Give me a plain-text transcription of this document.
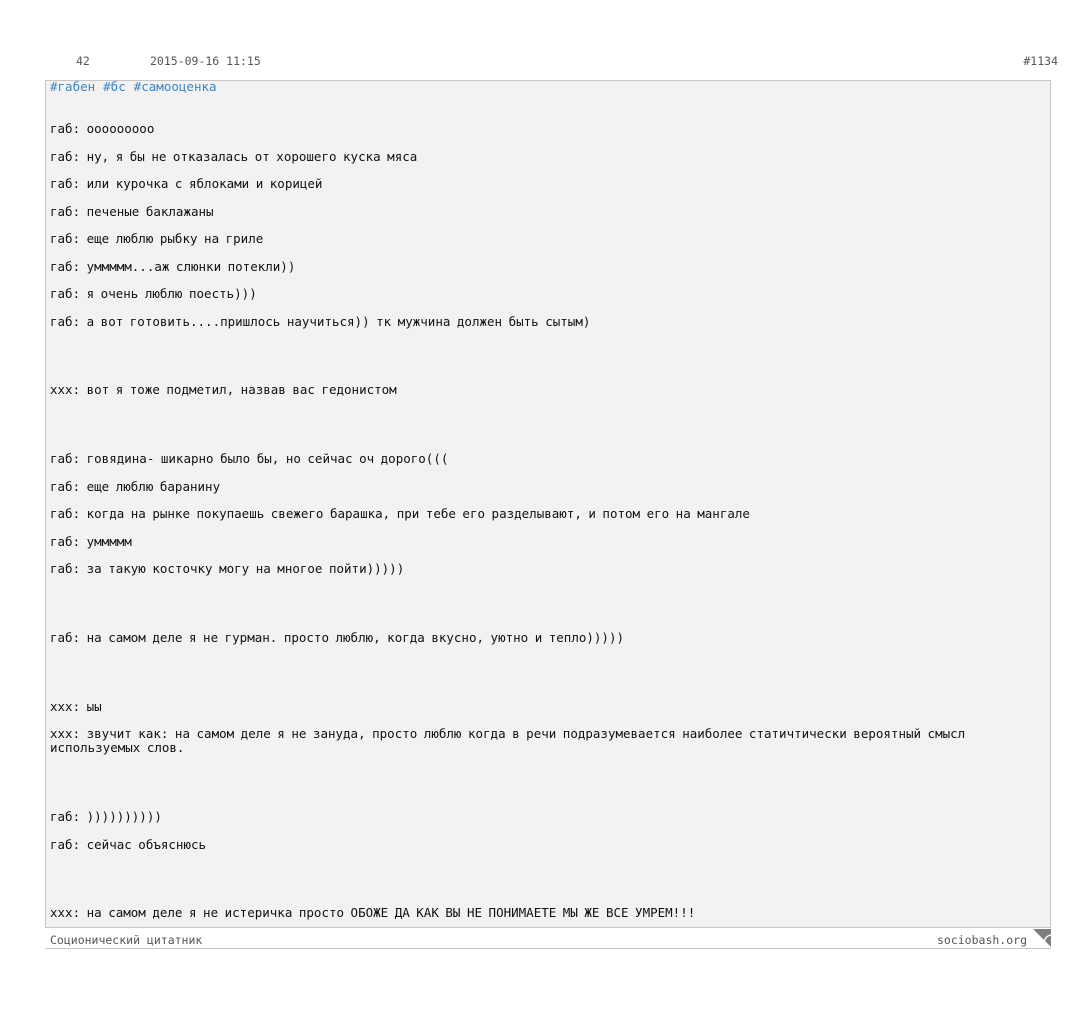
42	2015-09-16 11:15	#1134
#габен #бс #самооценка
габ: ооооооооо
габ: ну, я бы не отказалась от хорошего куска мяса
габ: или курочка с яблоками и корицей
габ: печеные баклажаны
габ: еще люблю рыбку на гриле
габ: уммммм...аж слюнки потекли))
габ: я очень люблю поесть)))
габ: а вот готовить....пришлось научиться)) тк мужчина должен быть сытым)
ххх: вот я тоже подметил, назвав вас гедонистом
габ: говядина- шикарно было бы, но сейчас оч дорого(((
габ: еще люблю баранину
габ: когда на рынке покупаешь свежего барашка, при тебе его разделывают, и потом его на мангале
габ: уммммм
габ: за такую косточку могу на многое пойти)))))
габ: на самом деле я не гурман. просто люблю, когда вкусно, уютно и тепло)))))
ххх: ыы
ххх: звучит как: на самом деле я не зануда, просто люблю когда в речи подразумевается наиболее статичтически вероятный смысл используемых слов.
габ: ))))))))))
габ: сейчас объяснюсь
ххх: на самом деле я не истеричка просто ОБОЖЕ ДА КАК ВЫ НЕ ПОНИМАЕТЕ МЫ ЖЕ ВСЕ УМРЕМ!!!
Соционический цитатник	sociobash.org
